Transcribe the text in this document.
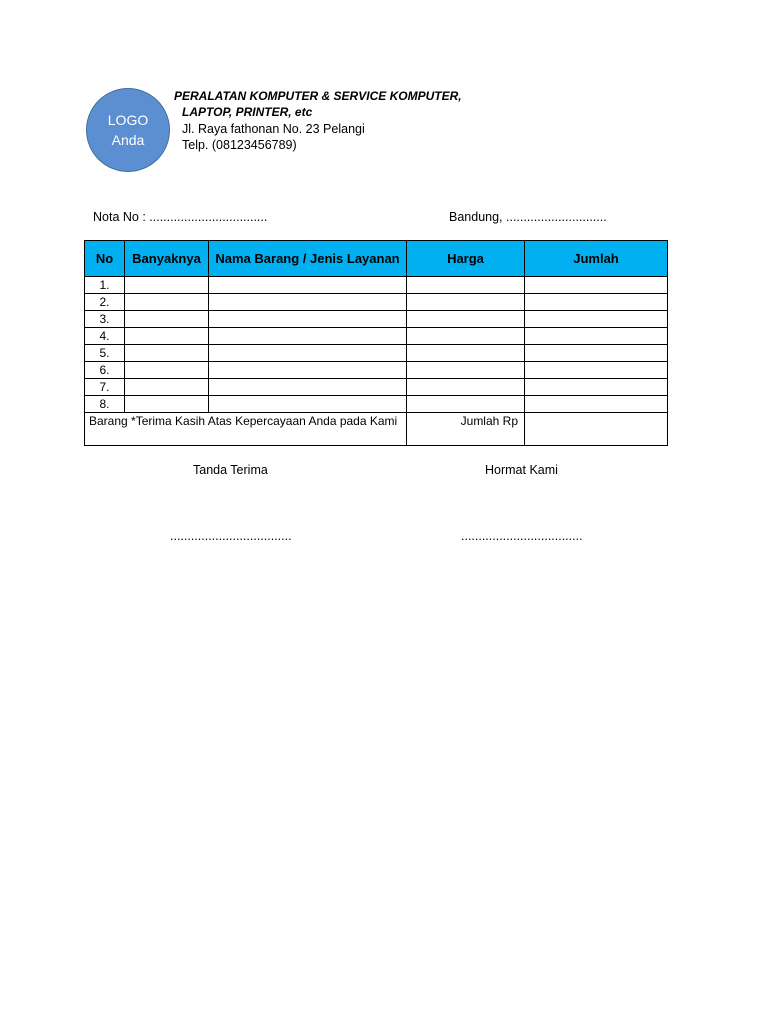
LOGO
Anda
PERALATAN KOMPUTER & SERVICE KOMPUTER,
LAPTOP, PRINTER, etc
Jl. Raya fathonan No. 23 Pelangi
Telp. (08123456789)
Nota No : ..................................	Bandung, .............................
No	Banyaknya	Nama Barang / Jenis Layanan	Harga	Jumlah
1.				
2.				
3.				
4.				
5.				
6.				
7.				
8.				
Barang *Terima Kasih Atas Kepercayaan Anda pada Kami			Jumlah Rp	
Tanda Terima	Hormat Kami
...................................	...................................
